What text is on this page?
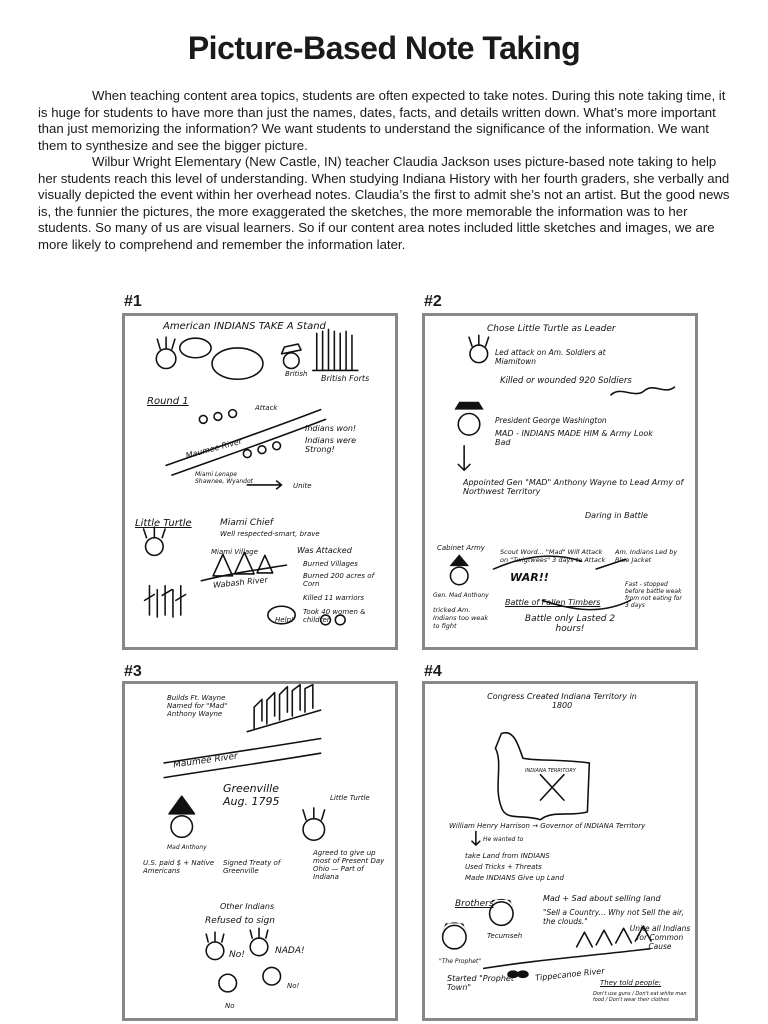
Picture-Based Note Taking

When teaching content area topics, students are often expected to take notes. During this note taking time, it is huge for students to have more than just the names, dates, facts, and details written down. What’s more important than just memorizing the information? We want students to understand the significance of the information. We want them to synthesize and see the bigger picture.

Wilbur Wright Elementary (New Castle, IN) teacher Claudia Jackson uses picture-based note taking to help her students reach this level of understanding. When studying Indiana History with her fourth graders, she verbally and visually depicted the event within her overhead notes. Claudia’s the first to admit she’s not an artist. But the good news is, the funnier the pictures, the more exaggerated the sketches, the more memorable the information was to her students. So many of us are visual learners. So if our content area notes included little sketches and images, we are more likely to comprehend and remember the information later.

#1	#2
#3	#4
American INDIANS TAKE A Stand
British British Forts
Round 1
Attack
Maumee River
Indians won!
Indians were Strong!
Miami Lenape Shawnee, Wyandot
Unite
Little Turtle	Miami Chief
Well respected-smart, brave
Miami Village	Was Attacked
Wabash River
Burned Villages
Burned 200 acres of Corn
Killed 11 warriors
Took 40 women & children
Help!
Chose Little Turtle as Leader
Led attack on Am. Soldiers at Miamitown
Killed or wounded 920 Soldiers
President George Washington
MAD - INDIANS MADE HIM & Army Look Bad
Appointed Gen "MAD" Anthony Wayne to Lead Army of Northwest Territory
Daring in Battle
Cabinet Army Scout Word... "Mad" Will Attack on "Twigtwees" 3 days to Attack
Am. Indians Led by Blue Jacket
WAR!!
Gen. Mad Anthony
tricked Am. Indians too weak to fight
Battle of Fallen Timbers
Fast - stopped before battle weak from not eating for 3 days
Battle only Lasted 2 hours!
Builds Ft. Wayne Named for "Mad" Anthony Wayne
Maumee River
Greenville Aug. 1795	Little Turtle
Mad Anthony
U.S. paid $ + Native Americans
Signed Treaty of Greenville
Agreed to give up most of Present Day Ohio — Part of Indiana
Other Indians
Refused to sign
No!	NADA!
No
No!
Congress Created Indiana Territory in 1800
INDIANA TERRITORY
William Henry Harrison → Governor of INDIANA Territory
He wanted to
take Land from INDIANS
Used Tricks + Threats
Made INDIANS Give up Land
Brothers
Mad + Sad about selling land
"Sell a Country... Why not Sell the air, the clouds."
Tecumseh
Unite all Indians for Common Cause
"The Prophet"
Started "Prophet Town"
Tippecanoe River
They told people:
Don't use guns / Don't eat white man food / Don't wear their clothes
